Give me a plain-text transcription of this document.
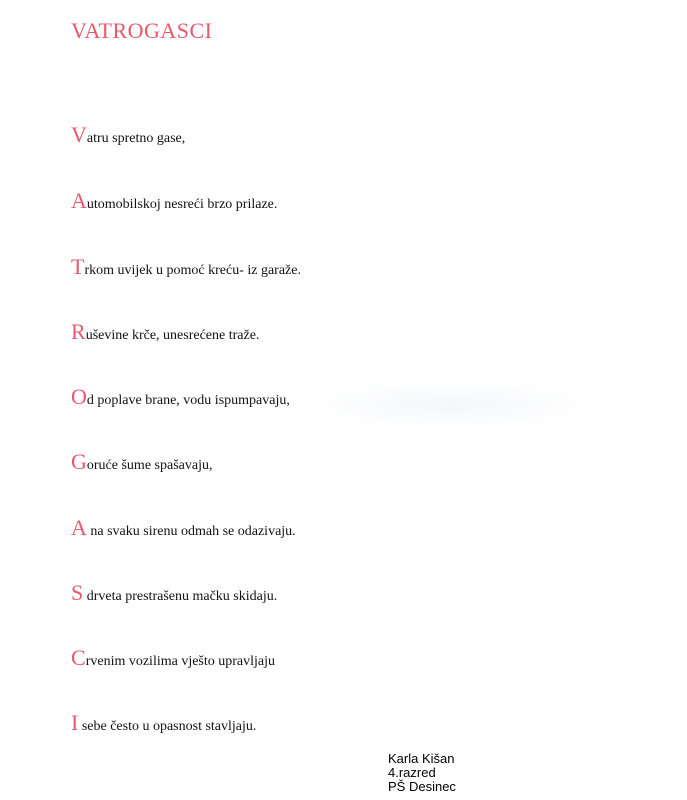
VATROGASCI
Vatru spretno gase,
Automobilskoj nesreći brzo prilaze.
Trkom uvijek u pomoć kreću- iz garaže.
Ruševine krče, unesrećene traže.
Od poplave brane, vodu ispumpavaju,
Goruće šume spašavaju,
A na svaku sirenu odmah se odazivaju.
S drveta prestrašenu mačku skidaju.
Crvenim vozilima vješto upravljaju
I sebe često u opasnost stavljaju.
Karla Kišan
4.razred
PŠ Desinec
